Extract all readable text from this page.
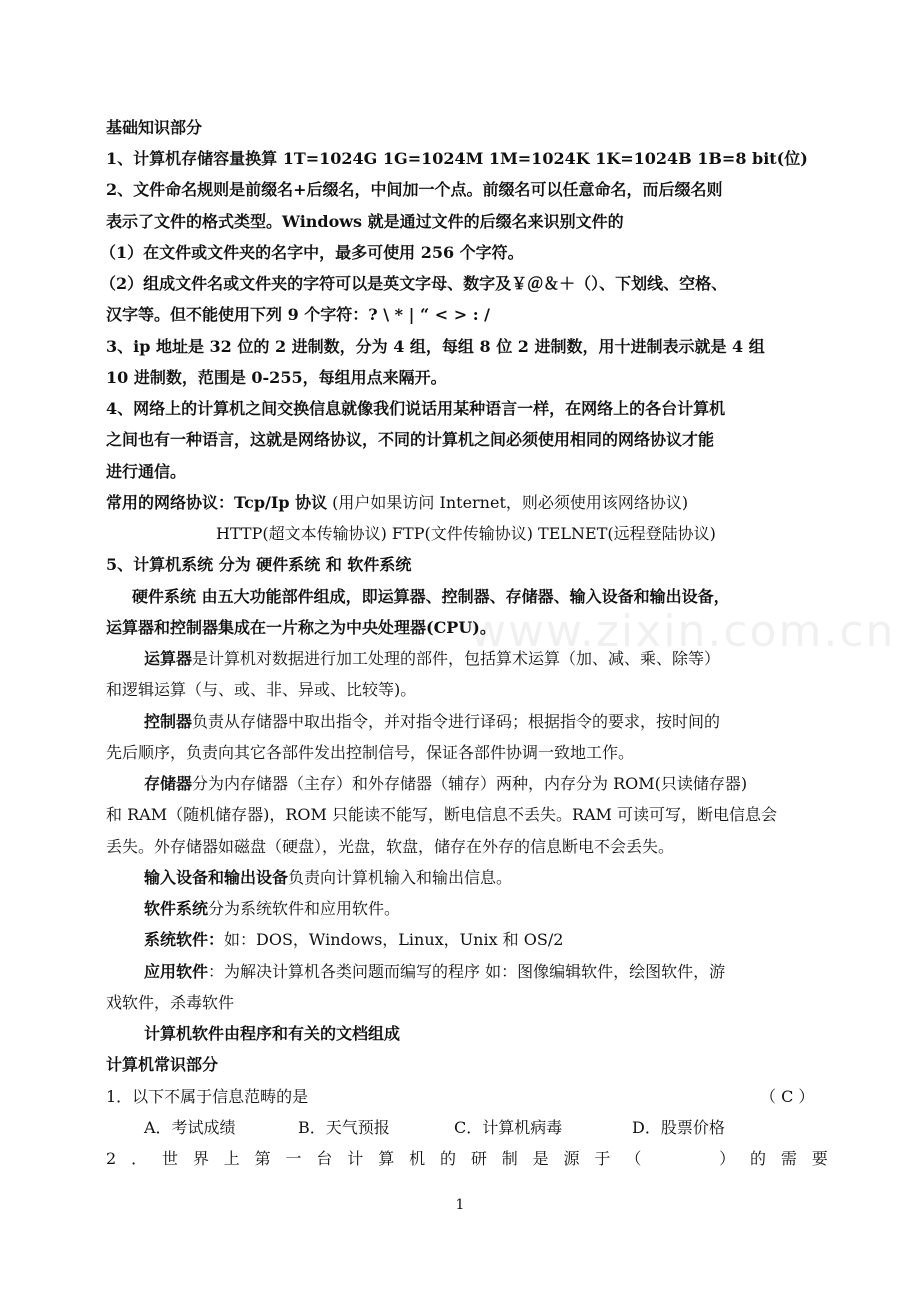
www.zixin.com.cn
基础知识部分
1、计算机存储容量换算 1T=1024G 1G=1024M 1M=1024K 1K=1024B 1B=8 bit(位)
2、文件命名规则是前缀名+后缀名，中间加一个点。前缀名可以任意命名，而后缀名则
表示了文件的格式类型。Windows 就是通过文件的后缀名来识别文件的
（1）在文件或文件夹的名字中，最多可使用 256 个字符。
（2）组成文件名或文件夹的字符可以是英文字母、数字及￥＠＆＋（）、下划线、空格、
汉字等。但不能使用下列 9 个字符：? \ * | “ < > : /
3、ip 地址是 32 位的 2 进制数，分为 4 组，每组 8 位 2 进制数，用十进制表示就是 4 组
10 进制数，范围是 0-255，每组用点来隔开。
4、网络上的计算机之间交换信息就像我们说话用某种语言一样，在网络上的各台计算机
之间也有一种语言，这就是网络协议，不同的计算机之间必须使用相同的网络协议才能
进行通信。
常用的网络协议：Tcp/Ip 协议 (用户如果访问 Internet，则必须使用该网络协议)
HTTP(超文本传输协议) FTP(文件传输协议) TELNET(远程登陆协议)
5、计算机系统 分为 硬件系统 和 软件系统
硬件系统 由五大功能部件组成，即运算器、控制器、存储器、输入设备和输出设备，
运算器和控制器集成在一片称之为中央处理器(CPU)。
运算器是计算机对数据进行加工处理的部件，包括算术运算（加、减、乘、除等）
和逻辑运算（与、或、非、异或、比较等)。
控制器负责从存储器中取出指令，并对指令进行译码；根据指令的要求，按时间的
先后顺序，负责向其它各部件发出控制信号，保证各部件协调一致地工作。
存储器分为内存储器（主存）和外存储器（辅存）两种，内存分为 ROM(只读储存器)
和 RAM（随机储存器)，ROM 只能读不能写，断电信息不丢失。RAM 可读可写，断电信息会
丢失。外存储器如磁盘（硬盘），光盘，软盘，储存在外存的信息断电不会丢失。
输入设备和输出设备负责向计算机输入和输出信息。
软件系统分为系统软件和应用软件。
系统软件：如：DOS，Windows，Linux，Unix 和 OS/2
应用软件：为解决计算机各类问题而编写的程序 如：图像编辑软件，绘图软件，游
戏软件，杀毒软件
计算机软件由程序和有关的文档组成
计算机常识部分
1．以下不属于信息范畴的是	（ C ）
A．考试成绩	B．天气预报	C．计算机病毒	D．股票价格
2 ． 世 界 上 第 一 台 计 算 机 的 研 制 是 源 于 （
　　　	） 的 需 要
1
